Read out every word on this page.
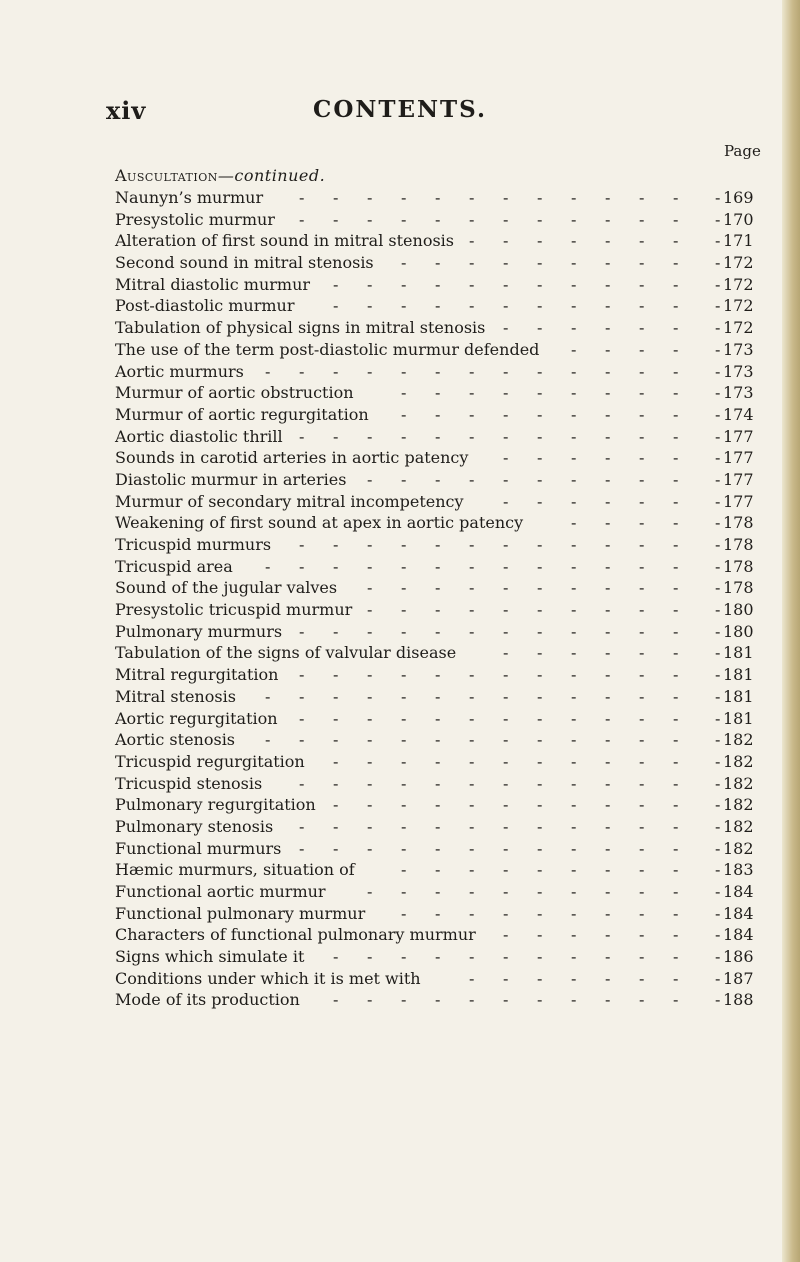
xiv	CONTENTS.
Page
Auscultation—continued.
Naunyn’s murmur	- 169
-
-
-
-
-
-
-
-
-
-
-
-
Presystolic murmur	- 170
-
-
-
-
-
-
-
-
-
-
-
-
Alteration of first sound in mitral stenosis	- 171
-
-
-
-
-
-
-
Second sound in mitral stenosis	- 172
-
-
-
-
-
-
-
-
-
Mitral diastolic murmur	- 172
-
-
-
-
-
-
-
-
-
-
-
Post-diastolic murmur	- 172
-
-
-
-
-
-
-
-
-
-
-
Tabulation of physical signs in mitral stenosis	- 172
-
-
-
-
-
-
The use of the term post-diastolic murmur defended	- 173
-
-
-
-
Aortic murmurs	- 173
-
-
-
-
-
-
-
-
-
-
-
-
-
Murmur of aortic obstruction	- 173
-
-
-
-
-
-
-
-
-
Murmur of aortic regurgitation	- 174
-
-
-
-
-
-
-
-
-
Aortic diastolic thrill	- 177
-
-
-
-
-
-
-
-
-
-
-
-
Sounds in carotid arteries in aortic patency	- 177
-
-
-
-
-
-
Diastolic murmur in arteries	- 177
-
-
-
-
-
-
-
-
-
-
Murmur of secondary mitral incompetency	- 177
-
-
-
-
-
-
Weakening of first sound at apex in aortic patency	- 178
-
-
-
-
Tricuspid murmurs	- 178
-
-
-
-
-
-
-
-
-
-
-
-
Tricuspid area	- 178
-
-
-
-
-
-
-
-
-
-
-
-
-
Sound of the jugular valves	- 178
-
-
-
-
-
-
-
-
-
-
Presystolic tricuspid murmur	- 180
-
-
-
-
-
-
-
-
-
-
Pulmonary murmurs	- 180
-
-
-
-
-
-
-
-
-
-
-
-
Tabulation of the signs of valvular disease	- 181
-
-
-
-
-
-
Mitral regurgitation	- 181
-
-
-
-
-
-
-
-
-
-
-
-
Mitral stenosis	- 181
-
-
-
-
-
-
-
-
-
-
-
-
-
Aortic regurgitation	- 181
-
-
-
-
-
-
-
-
-
-
-
-
Aortic stenosis	- 182
-
-
-
-
-
-
-
-
-
-
-
-
-
Tricuspid regurgitation	- 182
-
-
-
-
-
-
-
-
-
-
-
Tricuspid stenosis	- 182
-
-
-
-
-
-
-
-
-
-
-
-
Pulmonary regurgitation	- 182
-
-
-
-
-
-
-
-
-
-
-
Pulmonary stenosis	- 182
-
-
-
-
-
-
-
-
-
-
-
-
Functional murmurs	- 182
-
-
-
-
-
-
-
-
-
-
-
-
Hæmic murmurs, situation of	- 183
-
-
-
-
-
-
-
-
-
Functional aortic murmur	- 184
-
-
-
-
-
-
-
-
-
-
Functional pulmonary murmur	- 184
-
-
-
-
-
-
-
-
-
Characters of functional pulmonary murmur	- 184
-
-
-
-
-
-
Signs which simulate it	- 186
-
-
-
-
-
-
-
-
-
-
-
Conditions under which it is met with	- 187
-
-
-
-
-
-
-
Mode of its production	- 188
-
-
-
-
-
-
-
-
-
-
-
